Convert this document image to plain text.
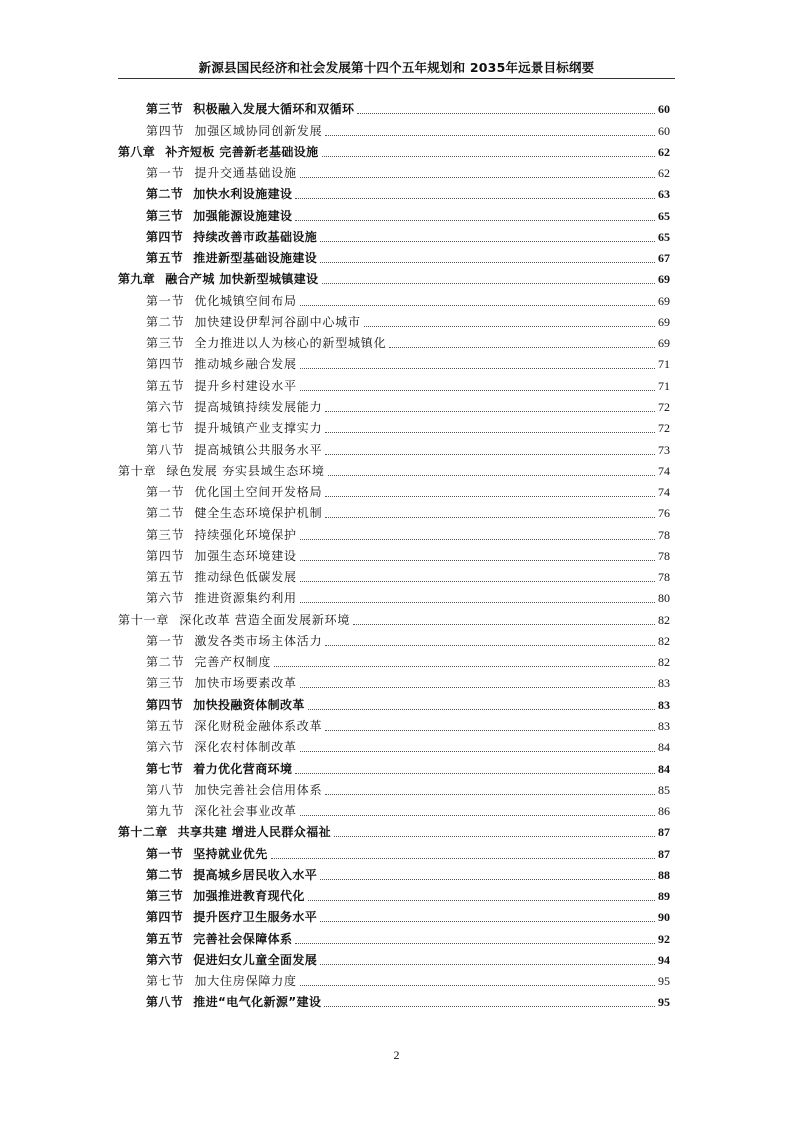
新源县国民经济和社会发展第十四个五年规划和 2035年远景目标纲要
第三节 积极融入发展大循环和双循环	60
第四节 加强区域协同创新发展	60
第八章 补齐短板 完善新老基础设施	62
第一节 提升交通基础设施	62
第二节 加快水利设施建设	63
第三节 加强能源设施建设	65
第四节 持续改善市政基础设施	65
第五节 推进新型基础设施建设	67
第九章 融合产城 加快新型城镇建设	69
第一节 优化城镇空间布局	69
第二节 加快建设伊犁河谷副中心城市	69
第三节 全力推进以人为核心的新型城镇化	69
第四节 推动城乡融合发展	71
第五节 提升乡村建设水平	71
第六节 提高城镇持续发展能力	72
第七节 提升城镇产业支撑实力	72
第八节 提高城镇公共服务水平	73
第十章 绿色发展 夯实县域生态环境	74
第一节 优化国土空间开发格局	74
第二节 健全生态环境保护机制	76
第三节 持续强化环境保护	78
第四节 加强生态环境建设	78
第五节 推动绿色低碳发展	78
第六节 推进资源集约利用	80
第十一章 深化改革 营造全面发展新环境	82
第一节 激发各类市场主体活力	82
第二节 完善产权制度	82
第三节 加快市场要素改革	83
第四节 加快投融资体制改革	83
第五节 深化财税金融体系改革	83
第六节 深化农村体制改革	84
第七节 着力优化营商环境	84
第八节 加快完善社会信用体系	85
第九节 深化社会事业改革	86
第十二章 共享共建 增进人民群众福祉	87
第一节 坚持就业优先	87
第二节 提高城乡居民收入水平	88
第三节 加强推进教育现代化	89
第四节 提升医疗卫生服务水平	90
第五节 完善社会保障体系	92
第六节 促进妇女儿童全面发展	94
第七节 加大住房保障力度	95
第八节 推进“电气化新源”建设	95
2
